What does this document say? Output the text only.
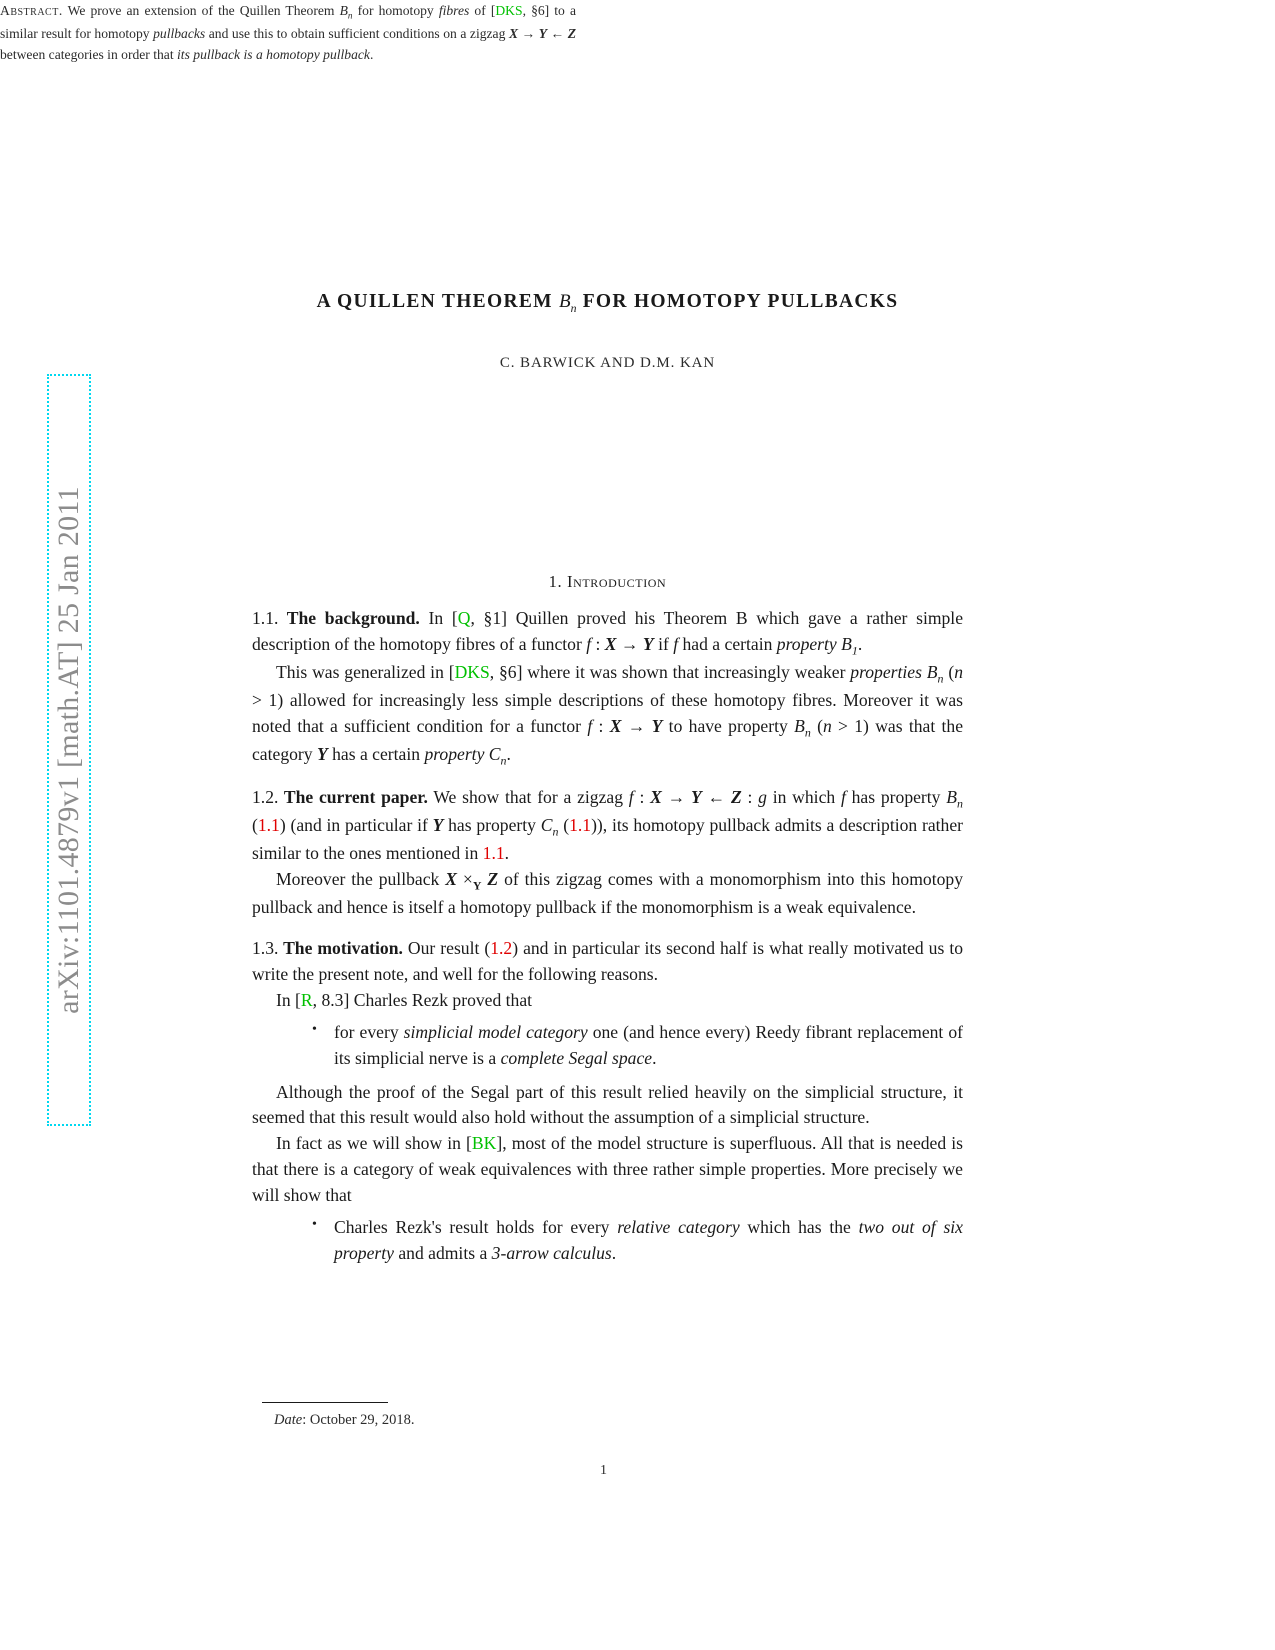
arXiv:1101.4879v1 [math.AT] 25 Jan 2011
A QUILLEN THEOREM $B_n$ FOR HOMOTOPY PULLBACKS
C. BARWICK AND D.M. KAN
Abstract. We prove an extension of the Quillen Theorem $B_n$ for homotopy fibres of [DKS, §6] to a similar result for homotopy pullbacks and use this to obtain sufficient conditions on a zigzag X → Y ← Z between categories in order that its pullback is a homotopy pullback.
1. Introduction

1.1. The background. In [Q, §1] Quillen proved his Theorem B which gave a rather simple description of the homotopy fibres of a functor f : X → Y if f had a certain property $B_1$.

This was generalized in [DKS, §6] where it was shown that increasingly weaker properties $B_n$ (n > 1) allowed for increasingly less simple descriptions of these homotopy fibres. Moreover it was noted that a sufficient condition for a functor f : X → Y to have property $B_n$ (n > 1) was that the category Y has a certain property $C_n$.

1.2. The current paper. We show that for a zigzag f : X → Y ← Z : g in which f has property $B_n$ (1.1) (and in particular if Y has property $C_n$ (1.1)), its homotopy pullback admits a description rather similar to the ones mentioned in 1.1.

Moreover the pullback $X \times_Y$ Z of this zigzag comes with a monomorphism into this homotopy pullback and hence is itself a homotopy pullback if the monomorphism is a weak equivalence.

1.3. The motivation. Our result (1.2) and in particular its second half is what really motivated us to write the present note, and well for the following reasons.

In [R, 8.3] Charles Rezk proved that

• for every simplicial model category one (and hence every) Reedy fibrant replacement of its simplicial nerve is a complete Segal space.

Although the proof of the Segal part of this result relied heavily on the simplicial structure, it seemed that this result would also hold without the assumption of a simplicial structure.

In fact as we will show in [BK], most of the model structure is superfluous. All that is needed is that there is a category of weak equivalences with three rather simple properties. More precisely we will show that

• Charles Rezk's result holds for every relative category which has the two out of six property and admits a 3-arrow calculus.
Date: October 29, 2018.
1
